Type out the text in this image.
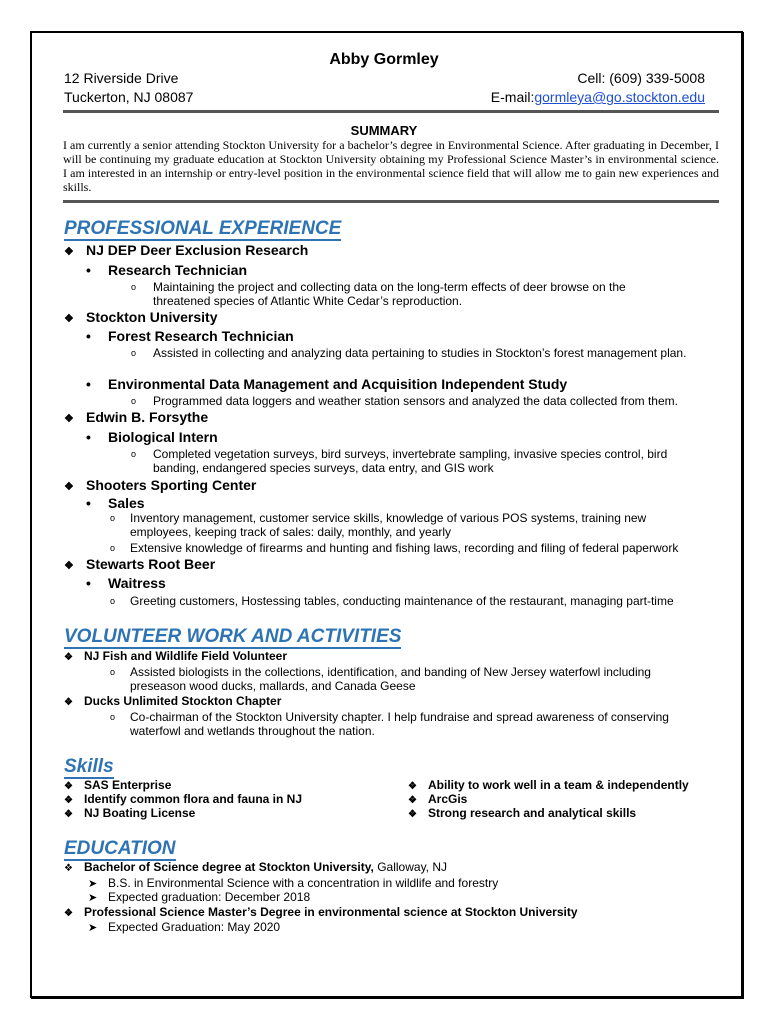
Abby Gormley
12 Riverside Drive
Tuckerton, NJ 08087
Cell: (609) 339-5008
E-mail:gormleya@go.stockton.edu
SUMMARY
I am currently a senior attending Stockton University for a bachelor’s degree in Environmental Science. After graduating in December, I will be continuing my graduate education at Stockton University obtaining my Professional Science Master’s in environmental science. I am interested in an internship or entry-level position in the environmental science field that will allow me to gain new experiences and skills.
PROFESSIONAL EXPERIENCE
❖ NJ DEP Deer Exclusion Research
• Research Technician
o Maintaining the project and collecting data on the long-term effects of deer browse on the threatened species of Atlantic White Cedar’s reproduction.
❖ Stockton University
• Forest Research Technician
o Assisted in collecting and analyzing data pertaining to studies in Stockton’s forest management plan.
• Environmental Data Management and Acquisition Independent Study
o Programmed data loggers and weather station sensors and analyzed the data collected from them.
❖ Edwin B. Forsythe
• Biological Intern
o Completed vegetation surveys, bird surveys, invertebrate sampling, invasive species control, bird banding, endangered species surveys, data entry, and GIS work
❖ Shooters Sporting Center
• Sales
o Inventory management, customer service skills, knowledge of various POS systems, training new employees, keeping track of sales: daily, monthly, and yearly
o Extensive knowledge of firearms and hunting and fishing laws, recording and filing of federal paperwork
❖ Stewarts Root Beer
• Waitress
o Greeting customers, Hostessing tables, conducting maintenance of the restaurant, managing part-time
VOLUNTEER WORK AND ACTIVITIES
❖ NJ Fish and Wildlife Field Volunteer
o Assisted biologists in the collections, identification, and banding of New Jersey waterfowl including preseason wood ducks, mallards, and Canada Geese
❖ Ducks Unlimited Stockton Chapter
o Co-chairman of the Stockton University chapter. I help fundraise and spread awareness of conserving waterfowl and wetlands throughout the nation.
Skills
❖ SAS Enterprise
❖ Identify common flora and fauna in NJ
❖ NJ Boating License
❖ Ability to work well in a team & independently
❖ ArcGis
❖ Strong research and analytical skills
EDUCATION
❖ Bachelor of Science degree at Stockton University, Galloway, NJ
➤ B.S. in Environmental Science with a concentration in wildlife and forestry
➤ Expected graduation: December 2018
❖ Professional Science Master’s Degree in environmental science at Stockton University
➤ Expected Graduation: May 2020
